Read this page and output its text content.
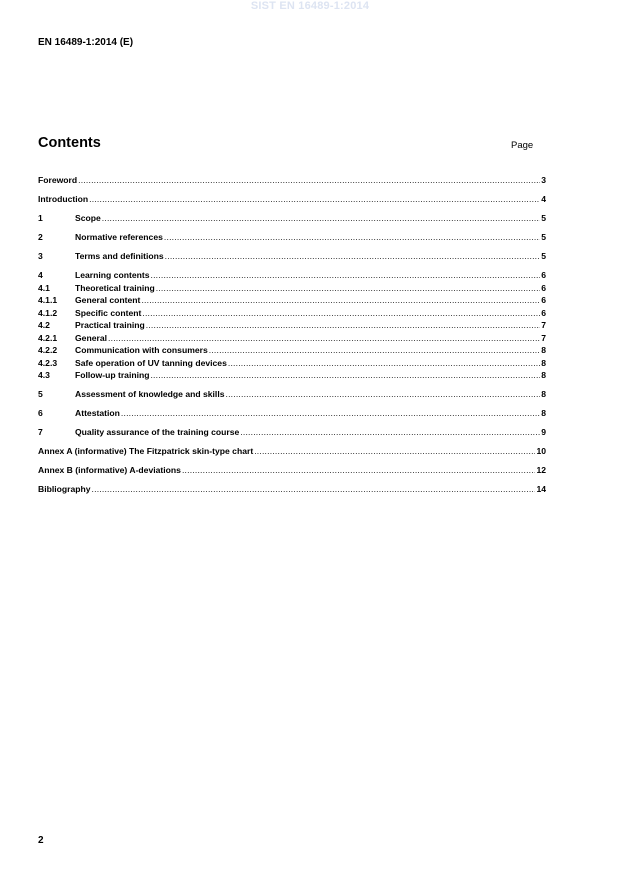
SIST EN 16489-1:2014
EN 16489-1:2014 (E)
Contents	Page
Foreword .....	3
Introduction .....	4
1	Scope .....	5
2	Normative references .....	5
3	Terms and definitions .....	5
4	Learning contents .....	6
4.1	Theoretical training .....	6
4.1.1	General content .....	6
4.1.2	Specific content .....	6
4.2	Practical training .....	7
4.2.1	General .....	7
4.2.2	Communication with consumers .....	8
4.2.3	Safe operation of UV tanning devices .....	8
4.3	Follow-up training .....	8
5	Assessment of knowledge and skills .....	8
6	Attestation .....	8
7	Quality assurance of the training course .....	9
Annex A (informative) The Fitzpatrick skin-type chart .....	10
Annex B (informative) A-deviations .....	12
Bibliography .....	14
2
